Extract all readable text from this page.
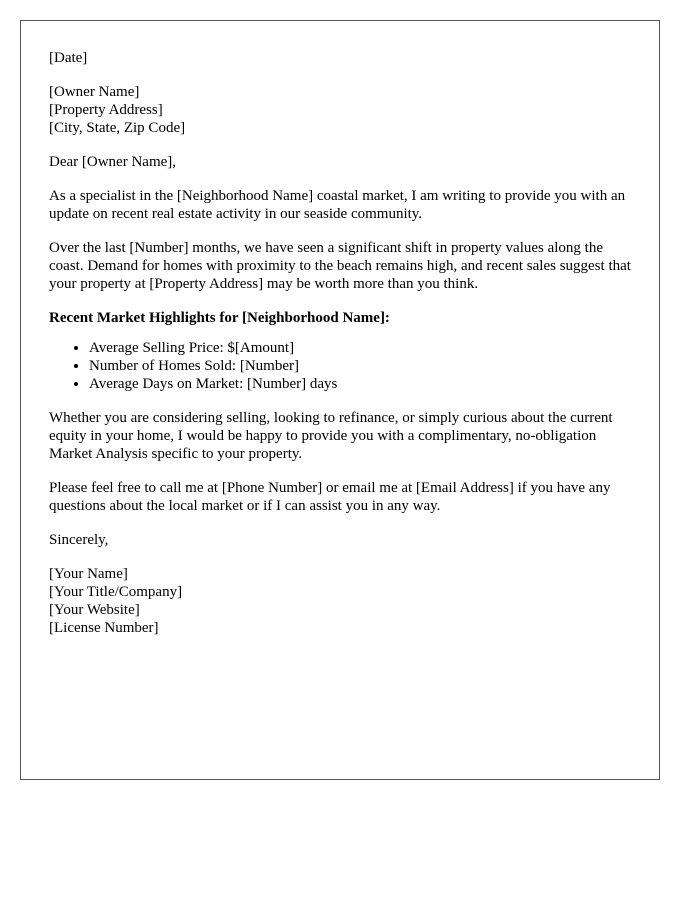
[Date]
[Owner Name]
[Property Address]
[City, State, Zip Code]

Dear [Owner Name],

As a specialist in the [Neighborhood Name] coastal market, I am writing to provide you with an update on recent real estate activity in our seaside community.

Over the last [Number] months, we have seen a significant shift in property values along the coast. Demand for homes with proximity to the beach remains high, and recent sales suggest that your property at [Property Address] may be worth more than you think.

Recent Market Highlights for [Neighborhood Name]:

• Average Selling Price: $[Amount]
• Number of Homes Sold: [Number]
• Average Days on Market: [Number] days

Whether you are considering selling, looking to refinance, or simply curious about the current equity in your home, I would be happy to provide you with a complimentary, no-obligation Market Analysis specific to your property.

Please feel free to call me at [Phone Number] or email me at [Email Address] if you have any questions about the local market or if I can assist you in any way.

Sincerely,

[Your Name]
[Your Title/Company]
[Your Website]
[License Number]
